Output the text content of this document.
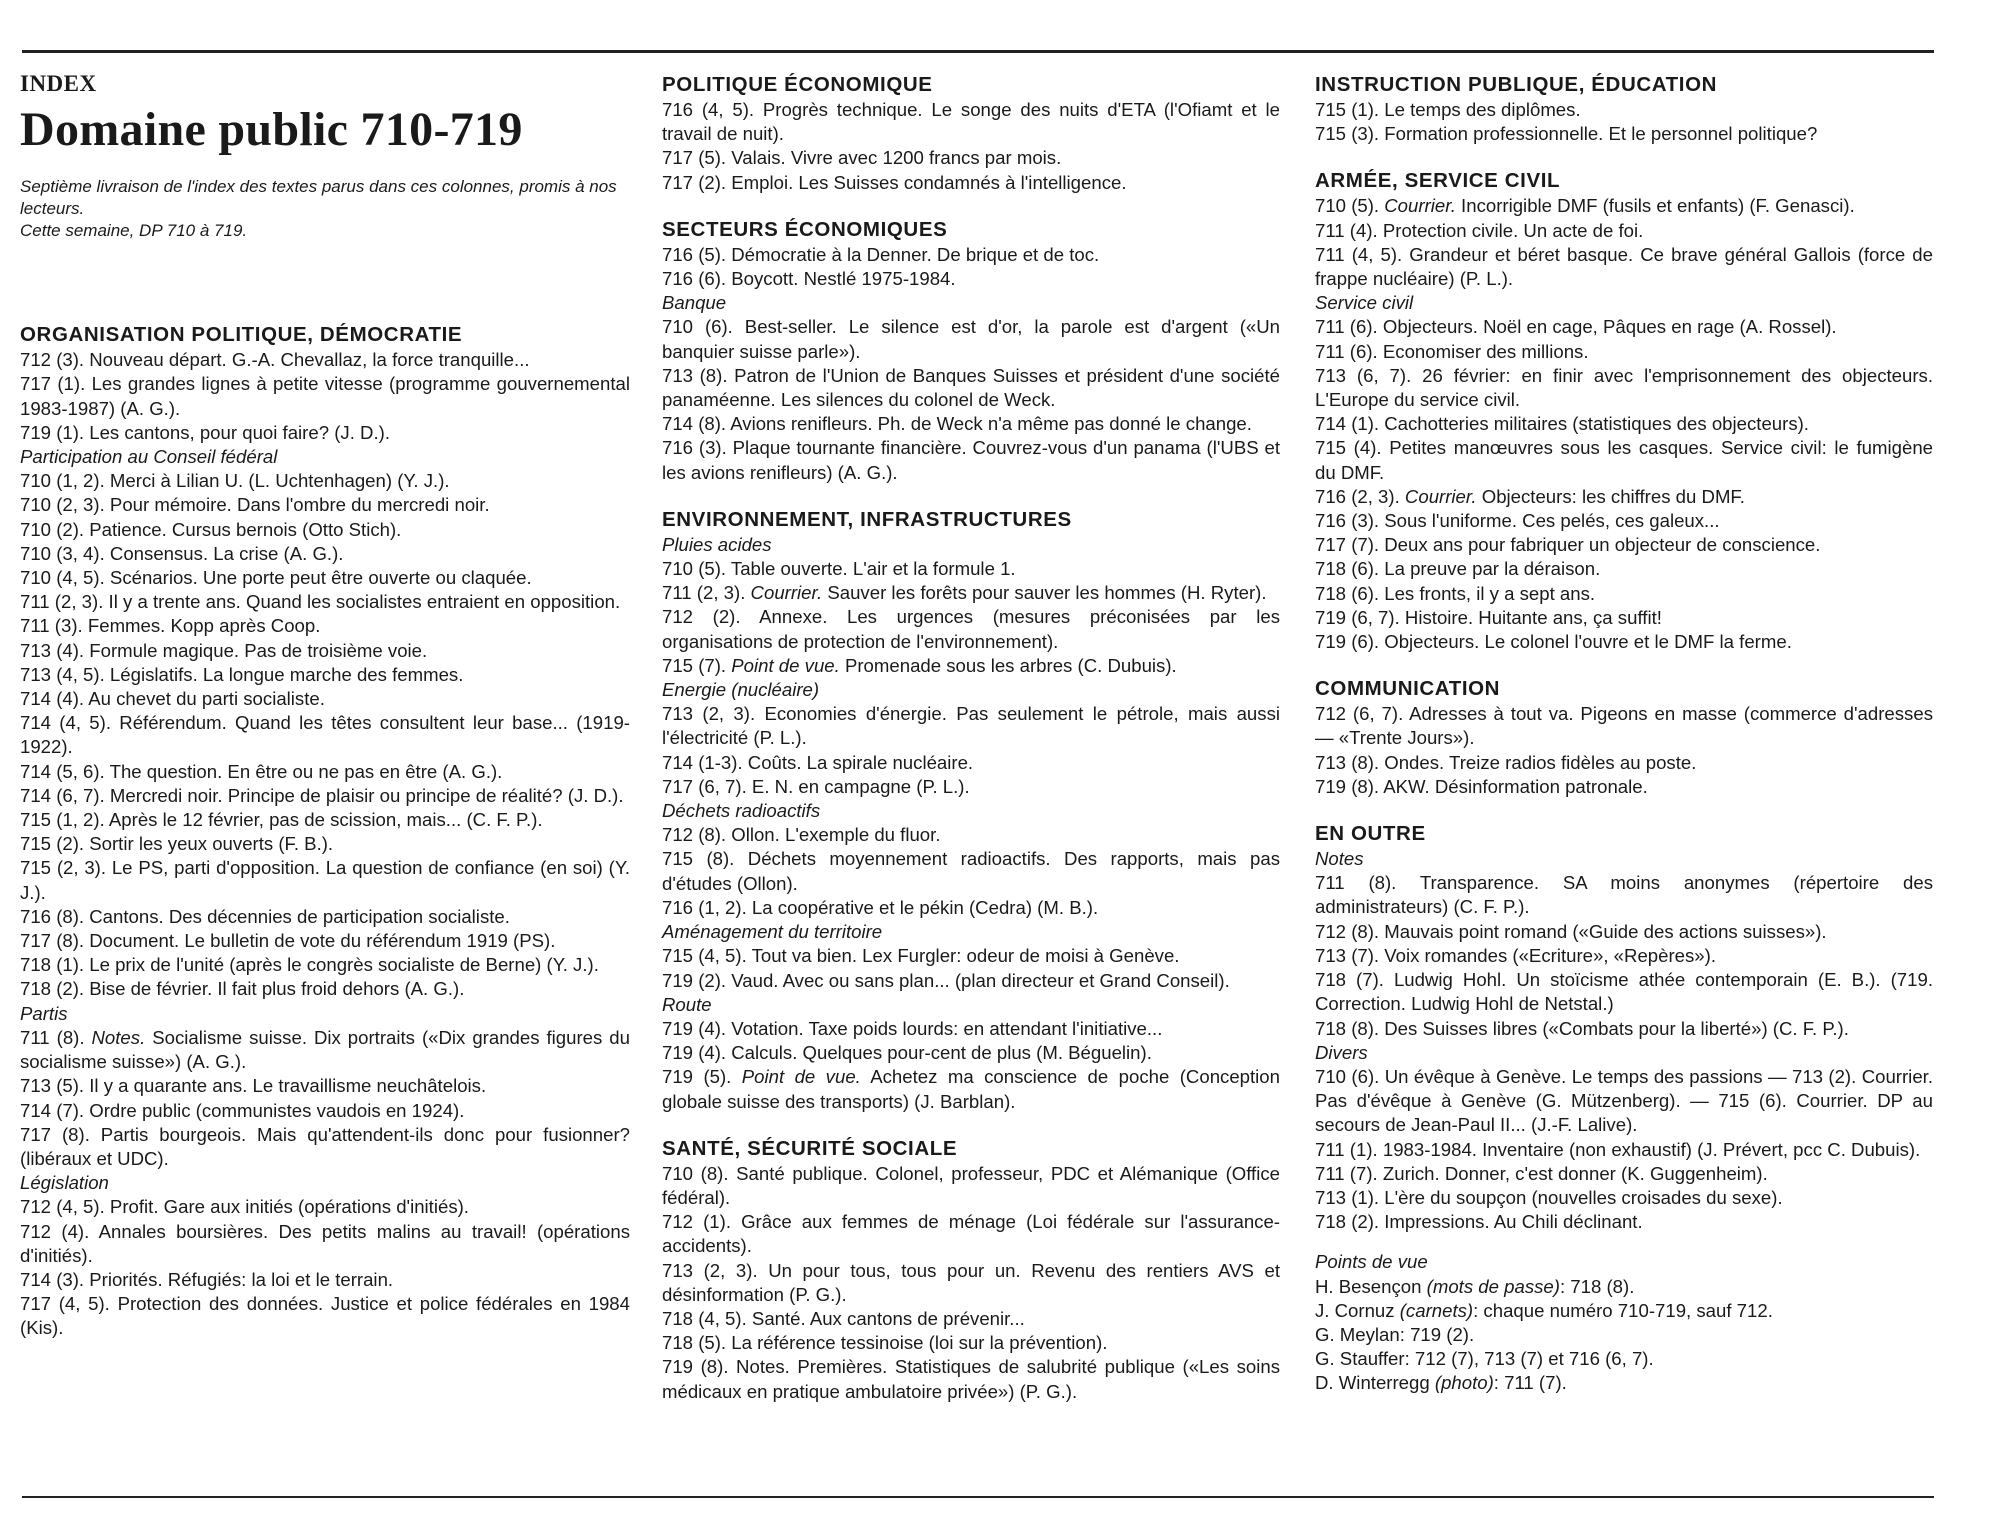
INDEX
Domaine public 710-719
Septième livraison de l'index des textes parus dans ces colonnes, promis à nos lecteurs.
Cette semaine, DP 710 à 719.
ORGANISATION POLITIQUE, DÉMOCRATIE
712 (3). Nouveau départ. G.-A. Chevallaz, la force tranquille...
717 (1). Les grandes lignes à petite vitesse (programme gouvernemental 1983-1987) (A. G.).
719 (1). Les cantons, pour quoi faire? (J. D.).
Participation au Conseil fédéral
710 (1, 2). Merci à Lilian U. (L. Uchtenhagen) (Y. J.).
710 (2, 3). Pour mémoire. Dans l'ombre du mercredi noir.
710 (2). Patience. Cursus bernois (Otto Stich).
710 (3, 4). Consensus. La crise (A. G.).
710 (4, 5). Scénarios. Une porte peut être ouverte ou claquée.
711 (2, 3). Il y a trente ans. Quand les socialistes entraient en opposition.
711 (3). Femmes. Kopp après Coop.
713 (4). Formule magique. Pas de troisième voie.
713 (4, 5). Législatifs. La longue marche des femmes.
714 (4). Au chevet du parti socialiste.
714 (4, 5). Référendum. Quand les têtes consultent leur base... (1919-1922).
714 (5, 6). The question. En être ou ne pas en être (A. G.).
714 (6, 7). Mercredi noir. Principe de plaisir ou principe de réalité? (J. D.).
715 (1, 2). Après le 12 février, pas de scission, mais... (C. F. P.).
715 (2). Sortir les yeux ouverts (F. B.).
715 (2, 3). Le PS, parti d'opposition. La question de confiance (en soi) (Y. J.).
716 (8). Cantons. Des décennies de participation socialiste.
717 (8). Document. Le bulletin de vote du référendum 1919 (PS).
718 (1). Le prix de l'unité (après le congrès socialiste de Berne) (Y. J.).
718 (2). Bise de février. Il fait plus froid dehors (A. G.).
Partis
711 (8). Notes. Socialisme suisse. Dix portraits («Dix grandes figures du socialisme suisse») (A. G.).
713 (5). Il y a quarante ans. Le travaillisme neuchâtelois.
714 (7). Ordre public (communistes vaudois en 1924).
717 (8). Partis bourgeois. Mais qu'attendent-ils donc pour fusionner? (libéraux et UDC).
Législation
712 (4, 5). Profit. Gare aux initiés (opérations d'initiés).
712 (4). Annales boursières. Des petits malins au travail! (opérations d'initiés).
714 (3). Priorités. Réfugiés: la loi et le terrain.
717 (4, 5). Protection des données. Justice et police fédérales en 1984 (Kis).
POLITIQUE ÉCONOMIQUE
716 (4, 5). Progrès technique. Le songe des nuits d'ETA (l'Ofiamt et le travail de nuit).
717 (5). Valais. Vivre avec 1200 francs par mois.
717 (2). Emploi. Les Suisses condamnés à l'intelligence.
SECTEURS ÉCONOMIQUES
716 (5). Démocratie à la Denner. De brique et de toc.
716 (6). Boycott. Nestlé 1975-1984.
Banque
710 (6). Best-seller. Le silence est d'or, la parole est d'argent («Un banquier suisse parle»).
713 (8). Patron de l'Union de Banques Suisses et président d'une société panaméenne. Les silences du colonel de Weck.
714 (8). Avions renifleurs. Ph. de Weck n'a même pas donné le change.
716 (3). Plaque tournante financière. Couvrez-vous d'un panama (l'UBS et les avions renifleurs) (A. G.).
ENVIRONNEMENT, INFRASTRUCTURES
Pluies acides
710 (5). Table ouverte. L'air et la formule 1.
711 (2, 3). Courrier. Sauver les forêts pour sauver les hommes (H. Ryter).
712 (2). Annexe. Les urgences (mesures préconisées par les organisations de protection de l'environnement).
715 (7). Point de vue. Promenade sous les arbres (C. Dubuis).
Energie (nucléaire)
713 (2, 3). Economies d'énergie. Pas seulement le pétrole, mais aussi l'électricité (P. L.).
714 (1-3). Coûts. La spirale nucléaire.
717 (6, 7). E. N. en campagne (P. L.).
Déchets radioactifs
712 (8). Ollon. L'exemple du fluor.
715 (8). Déchets moyennement radioactifs. Des rapports, mais pas d'études (Ollon).
716 (1, 2). La coopérative et le pékin (Cedra) (M. B.).
Aménagement du territoire
715 (4, 5). Tout va bien. Lex Furgler: odeur de moisi à Genève.
719 (2). Vaud. Avec ou sans plan... (plan directeur et Grand Conseil).
Route
719 (4). Votation. Taxe poids lourds: en attendant l'initiative...
719 (4). Calculs. Quelques pour-cent de plus (M. Béguelin).
719 (5). Point de vue. Achetez ma conscience de poche (Conception globale suisse des transports) (J. Barblan).
SANTÉ, SÉCURITÉ SOCIALE
710 (8). Santé publique. Colonel, professeur, PDC et Alémanique (Office fédéral).
712 (1). Grâce aux femmes de ménage (Loi fédérale sur l'assurance-accidents).
713 (2, 3). Un pour tous, tous pour un. Revenu des rentiers AVS et désinformation (P. G.).
718 (4, 5). Santé. Aux cantons de prévenir...
718 (5). La référence tessinoise (loi sur la prévention).
719 (8). Notes. Premières. Statistiques de salubrité publique («Les soins médicaux en pratique ambulatoire privée») (P. G.).
INSTRUCTION PUBLIQUE, ÉDUCATION
715 (1). Le temps des diplômes.
715 (3). Formation professionnelle. Et le personnel politique?
ARMÉE, SERVICE CIVIL
710 (5). Courrier. Incorrigible DMF (fusils et enfants) (F. Genasci).
711 (4). Protection civile. Un acte de foi.
711 (4, 5). Grandeur et béret basque. Ce brave général Gallois (force de frappe nucléaire) (P. L.).
Service civil
711 (6). Objecteurs. Noël en cage, Pâques en rage (A. Rossel).
711 (6). Economiser des millions.
713 (6, 7). 26 février: en finir avec l'emprisonnement des objecteurs. L'Europe du service civil.
714 (1). Cachotteries militaires (statistiques des objecteurs).
715 (4). Petites manœuvres sous les casques. Service civil: le fumigène du DMF.
716 (2, 3). Courrier. Objecteurs: les chiffres du DMF.
716 (3). Sous l'uniforme. Ces pelés, ces galeux...
717 (7). Deux ans pour fabriquer un objecteur de conscience.
718 (6). La preuve par la déraison.
718 (6). Les fronts, il y a sept ans.
719 (6, 7). Histoire. Huitante ans, ça suffit!
719 (6). Objecteurs. Le colonel l'ouvre et le DMF la ferme.
COMMUNICATION
712 (6, 7). Adresses à tout va. Pigeons en masse (commerce d'adresses — «Trente Jours»).
713 (8). Ondes. Treize radios fidèles au poste.
719 (8). AKW. Désinformation patronale.
EN OUTRE
Notes
711 (8). Transparence. SA moins anonymes (répertoire des administrateurs) (C. F. P.).
712 (8). Mauvais point romand («Guide des actions suisses»).
713 (7). Voix romandes («Ecriture», «Repères»).
718 (7). Ludwig Hohl. Un stoïcisme athée contemporain (E. B.). (719. Correction. Ludwig Hohl de Netstal.)
718 (8). Des Suisses libres («Combats pour la liberté») (C. F. P.).
Divers
710 (6). Un évêque à Genève. Le temps des passions — 713 (2). Courrier. Pas d'évêque à Genève (G. Mützenberg). — 715 (6). Courrier. DP au secours de Jean-Paul II... (J.-F. Lalive).
711 (1). 1983-1984. Inventaire (non exhaustif) (J. Prévert, pcc C. Dubuis).
711 (7). Zurich. Donner, c'est donner (K. Guggenheim).
713 (1). L'ère du soupçon (nouvelles croisades du sexe).
718 (2). Impressions. Au Chili déclinant.
Points de vue
H. Besençon (mots de passe): 718 (8).
J. Cornuz (carnets): chaque numéro 710-719, sauf 712.
G. Meylan: 719 (2).
G. Stauffer: 712 (7), 713 (7) et 716 (6, 7).
D. Winterregg (photo): 711 (7).
